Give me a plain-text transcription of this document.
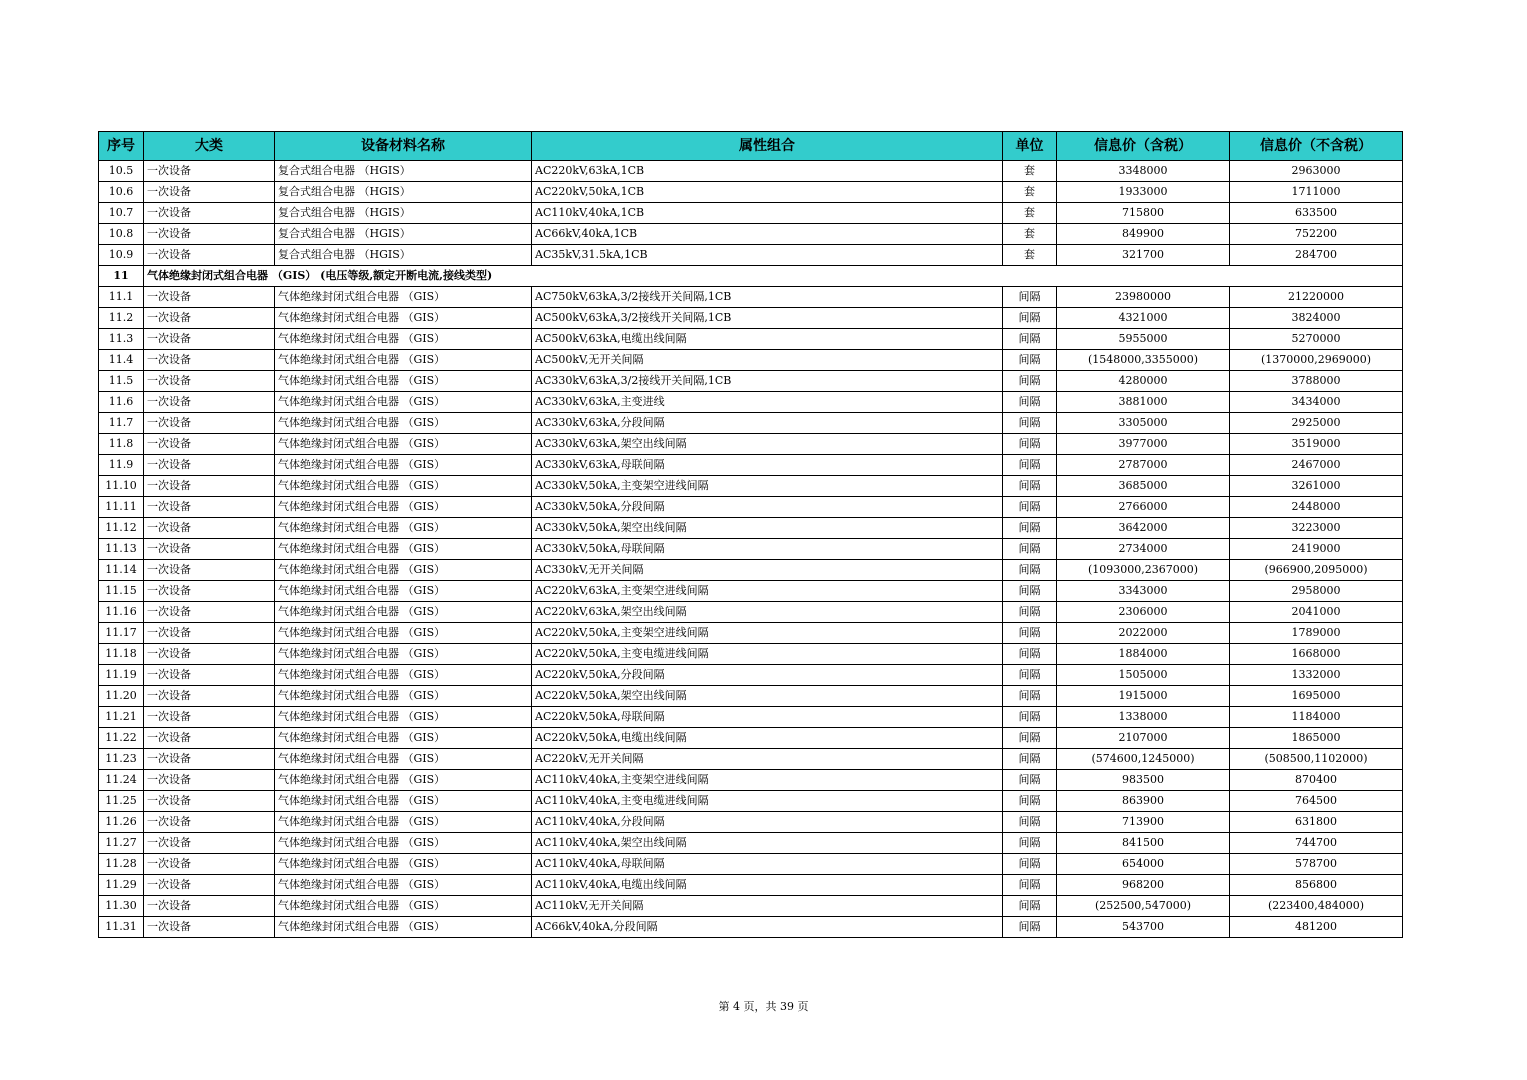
序号	大类	设备材料名称	属性组合	单位	信息价（含税）	信息价（不含税）
10.5	一次设备	复合式组合电器 （HGIS）	AC220kV,63kA,1CB	套	3348000	2963000
10.6	一次设备	复合式组合电器 （HGIS）	AC220kV,50kA,1CB	套	1933000	1711000
10.7	一次设备	复合式组合电器 （HGIS）	AC110kV,40kA,1CB	套	715800	633500
10.8	一次设备	复合式组合电器 （HGIS）	AC66kV,40kA,1CB	套	849900	752200
10.9	一次设备	复合式组合电器 （HGIS）	AC35kV,31.5kA,1CB	套	321700	284700
11	气体绝缘封闭式组合电器 （GIS） (电压等级,额定开断电流,接线类型)					
11.1	一次设备	气体绝缘封闭式组合电器 （GIS）	AC750kV,63kA,3/2接线开关间隔,1CB	间隔	23980000	21220000
11.2	一次设备	气体绝缘封闭式组合电器 （GIS）	AC500kV,63kA,3/2接线开关间隔,1CB	间隔	4321000	3824000
11.3	一次设备	气体绝缘封闭式组合电器 （GIS）	AC500kV,63kA,电缆出线间隔	间隔	5955000	5270000
11.4	一次设备	气体绝缘封闭式组合电器 （GIS）	AC500kV,无开关间隔	间隔	(1548000,3355000)	(1370000,2969000)
11.5	一次设备	气体绝缘封闭式组合电器 （GIS）	AC330kV,63kA,3/2接线开关间隔,1CB	间隔	4280000	3788000
11.6	一次设备	气体绝缘封闭式组合电器 （GIS）	AC330kV,63kA,主变进线	间隔	3881000	3434000
11.7	一次设备	气体绝缘封闭式组合电器 （GIS）	AC330kV,63kA,分段间隔	间隔	3305000	2925000
11.8	一次设备	气体绝缘封闭式组合电器 （GIS）	AC330kV,63kA,架空出线间隔	间隔	3977000	3519000
11.9	一次设备	气体绝缘封闭式组合电器 （GIS）	AC330kV,63kA,母联间隔	间隔	2787000	2467000
11.10	一次设备	气体绝缘封闭式组合电器 （GIS）	AC330kV,50kA,主变架空进线间隔	间隔	3685000	3261000
11.11	一次设备	气体绝缘封闭式组合电器 （GIS）	AC330kV,50kA,分段间隔	间隔	2766000	2448000
11.12	一次设备	气体绝缘封闭式组合电器 （GIS）	AC330kV,50kA,架空出线间隔	间隔	3642000	3223000
11.13	一次设备	气体绝缘封闭式组合电器 （GIS）	AC330kV,50kA,母联间隔	间隔	2734000	2419000
11.14	一次设备	气体绝缘封闭式组合电器 （GIS）	AC330kV,无开关间隔	间隔	(1093000,2367000)	(966900,2095000)
11.15	一次设备	气体绝缘封闭式组合电器 （GIS）	AC220kV,63kA,主变架空进线间隔	间隔	3343000	2958000
11.16	一次设备	气体绝缘封闭式组合电器 （GIS）	AC220kV,63kA,架空出线间隔	间隔	2306000	2041000
11.17	一次设备	气体绝缘封闭式组合电器 （GIS）	AC220kV,50kA,主变架空进线间隔	间隔	2022000	1789000
11.18	一次设备	气体绝缘封闭式组合电器 （GIS）	AC220kV,50kA,主变电缆进线间隔	间隔	1884000	1668000
11.19	一次设备	气体绝缘封闭式组合电器 （GIS）	AC220kV,50kA,分段间隔	间隔	1505000	1332000
11.20	一次设备	气体绝缘封闭式组合电器 （GIS）	AC220kV,50kA,架空出线间隔	间隔	1915000	1695000
11.21	一次设备	气体绝缘封闭式组合电器 （GIS）	AC220kV,50kA,母联间隔	间隔	1338000	1184000
11.22	一次设备	气体绝缘封闭式组合电器 （GIS）	AC220kV,50kA,电缆出线间隔	间隔	2107000	1865000
11.23	一次设备	气体绝缘封闭式组合电器 （GIS）	AC220kV,无开关间隔	间隔	(574600,1245000)	(508500,1102000)
11.24	一次设备	气体绝缘封闭式组合电器 （GIS）	AC110kV,40kA,主变架空进线间隔	间隔	983500	870400
11.25	一次设备	气体绝缘封闭式组合电器 （GIS）	AC110kV,40kA,主变电缆进线间隔	间隔	863900	764500
11.26	一次设备	气体绝缘封闭式组合电器 （GIS）	AC110kV,40kA,分段间隔	间隔	713900	631800
11.27	一次设备	气体绝缘封闭式组合电器 （GIS）	AC110kV,40kA,架空出线间隔	间隔	841500	744700
11.28	一次设备	气体绝缘封闭式组合电器 （GIS）	AC110kV,40kA,母联间隔	间隔	654000	578700
11.29	一次设备	气体绝缘封闭式组合电器 （GIS）	AC110kV,40kA,电缆出线间隔	间隔	968200	856800
11.30	一次设备	气体绝缘封闭式组合电器 （GIS）	AC110kV,无开关间隔	间隔	(252500,547000)	(223400,484000)
11.31	一次设备	气体绝缘封闭式组合电器 （GIS）	AC66kV,40kA,分段间隔	间隔	543700	481200
第 4 页，共 39 页
